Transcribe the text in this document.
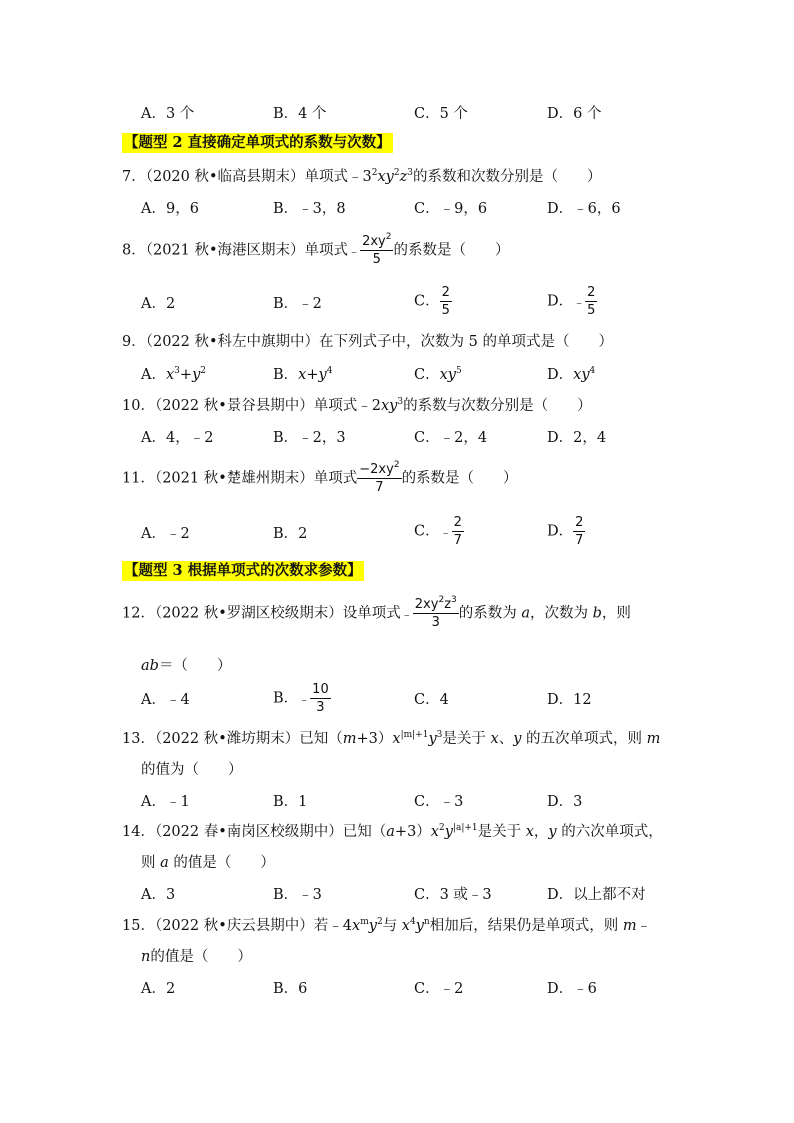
A．3 个	B．4 个	C．5 个	D．6 个
【题型 2 直接确定单项式的系数与次数】
7．（2020 秋•临高县期末）单项式$﹣3^2xy^2z^3$的系数和次数分别是（　　）
A．9，6	B．﹣3，8	C．﹣9，6	D．﹣6，6
8．（2021 秋•海港区期末）单项式﹣ $\frac{2xy^2}{5}$ 的系数是（　　）
A．2	B．﹣2	C． $\frac{2}{5}$	D．﹣ $\frac{2}{5}$
9．（2022 秋•科左中旗期中）在下列式子中，次数为 5 的单项式是（　　）
A．$x^3+y^2$	B．$x+y^4$	C．$xy^5$	D．$xy^4$
10．（2022 秋•景谷县期中）单项式$﹣2xy^3$的系数与次数分别是（　　）
A．4，﹣2	B．﹣2，3	C．﹣2，4	D．2，4
11．（2021 秋•楚雄州期末）单项式 $\frac{-2xy^2}{7}$ 的系数是（　　）
A．﹣2	B．2	C．﹣ $\frac{2}{7}$	D． $\frac{2}{7}$
【题型 3 根据单项式的次数求参数】
12．（2022 秋•罗湖区校级期末）设单项式﹣ $\frac{2xy^2z^3}{3}$ 的系数为 a，次数为 b，则
ab＝（　　）
A．﹣4	B．﹣ $\frac{10}{3}$	C．4	D．12
13．（2022 秋•潍坊期末）已知$(m+3)x^{|m|+1}y^3$是关于 x、y 的五次单项式，则 m
的值为（　　）
A．﹣1	B．1	C．﹣3	D．3
14．（2022 春•南岗区校级期中）已知$(a+3)x^2y^{|a|+1}$是关于 x，y 的六次单项式，
则 a 的值是（　　）
A．3	B．﹣3	C．3 或﹣3	D．以上都不对
15．（2022 秋•庆云县期中）若$﹣4x^my^2$与 $x^4y^n$相加后，结果仍是单项式，则 m﹣
n的值是（　　）
A．2	B．6	C．﹣2	D．﹣6
